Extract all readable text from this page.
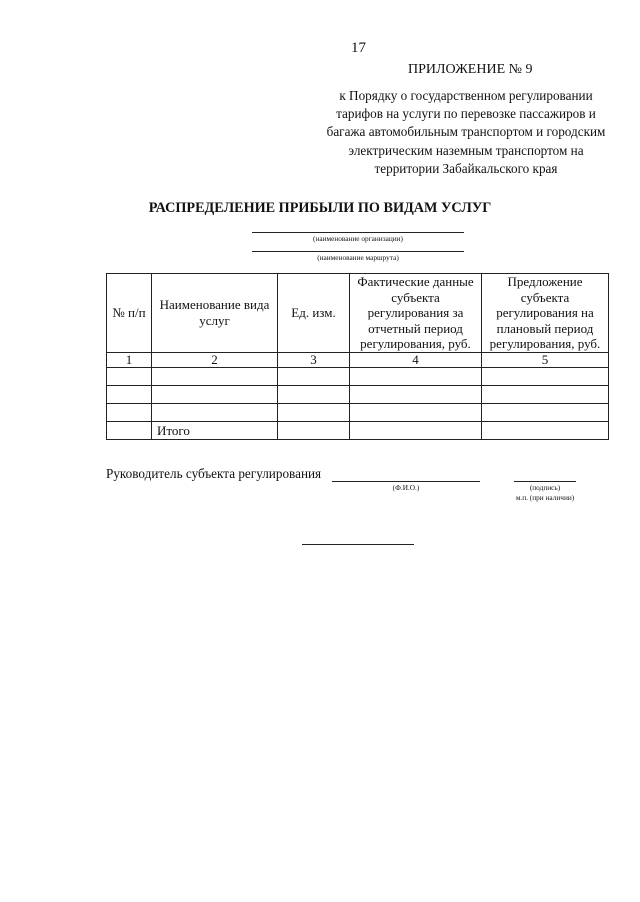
17
ПРИЛОЖЕНИЕ № 9
к Порядку о государственном регулировании
тарифов на услуги по перевозке пассажиров и
багажа автомобильным транспортом и городским
электрическим наземным транспортом на
территории Забайкальского края
РАСПРЕДЕЛЕНИЕ ПРИБЫЛИ ПО ВИДАМ УСЛУГ
(наименование организации)
(наименование маршрута)
№ п/п	Наименование вида услуг	Ед. изм.	Фактические данные субъекта регулирования за отчетный период регулирования, руб.	Предложение субъекта регулирования на плановый период регулирования, руб.
1	2	3	4	5

	Итого			
Руководитель субъекта регулирования
(Ф.И.О.)	(подпись)
м.п. (при наличии)
